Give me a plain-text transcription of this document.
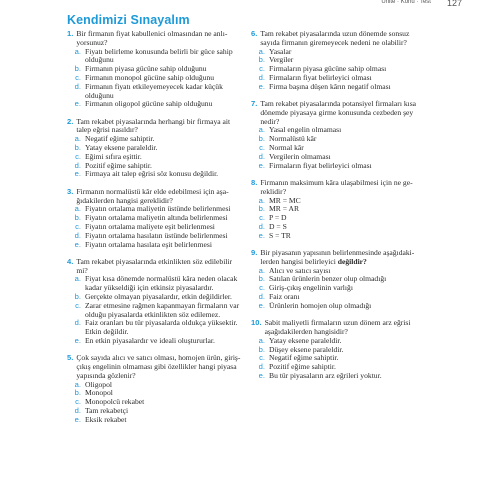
Ünite · Konu · Test 127
Kendimizi Sınayalım
1. Bir firmanın fiyat kabullenici olmasından ne anlıyorsunuz?
a. Fiyatı belirleme konusunda belirli bir güce sahip olduğunu
b. Firmanın piyasa gücüne sahip olduğunu
c. Firmanın monopol gücüne sahip olduğunu
d. Firmanın fiyatı etkileyemeyecek kadar küçük olduğunu
e. Firmanın oligopol gücüne sahip olduğunu
2. Tam rekabet piyasalarında herhangi bir firmaya ait talep eğrisi nasıldır?
a. Negatif eğime sahiptir.
b. Yatay eksene paraleldir.
c. Eğimi sıfıra eşittir.
d. Pozitif eğime sahiptir.
e. Firmaya ait talep eğrisi söz konusu değildir.
3. Firmanın normalüstü kâr elde edebilmesi için aşağıdakilerden hangisi gereklidir?
a. Fiyatın ortalama maliyetin üstünde belirlenmesi
b. Fiyatın ortalama maliyetin altında belirlenmesi
c. Fiyatın ortalama maliyete eşit belirlenmesi
d. Fiyatın ortalama hasılatın üstünde belirlenmesi
e. Fiyatın ortalama hasılata eşit belirlenmesi
4. Tam rekabet piyasalarında etkinlikten söz edilebilir mi?
a. Fiyat kısa dönemde normalüstü kâra neden olacak kadar yükseldiği için etkinsiz piyasalardır.
b. Gerçekte olmayan piyasalardır, etkin değildirler.
c. Zarar etmesine rağmen kapanmayan firmaların var olduğu piyasalarda etkinlikten söz edilemez.
d. Faiz oranları bu tür piyasalarda oldukça yüksektir. Etkin değildir.
e. En etkin piyasalardır ve ideali oluştururlar.
5. Çok sayıda alıcı ve satıcı olması, homojen ürün, giriş-çıkış engelinin olmaması gibi özellikler hangi piyasa yapısında gözlenir?
a. Oligopol
b. Monopol
c. Monopolcü rekabet
d. Tam rekabetçi
e. Eksik rekabet
6. Tam rekabet piyasalarında uzun dönemde sonsuz sayıda firmanın giremeyecek nedeni ne olabilir?
a. Yasalar
b. Vergiler
c. Firmaların piyasa gücüne sahip olması
d. Firmaların fiyat belirleyici olması
e. Firma başına düşen kârın negatif olması
7. Tam rekabet piyasalarında potansiyel firmaları kısa dönemde piyasaya girme konusunda cezbeden şey nedir?
a. Yasal engelin olmaması
b. Normalüstü kâr
c. Normal kâr
d. Vergilerin olmaması
e. Firmaların fiyat belirleyici olması
8. Firmanın maksimum kâra ulaşabilmesi için ne gereklidir?
a. MR = MC
b. MR = AR
c. P = D
d. D = S
e. S = TR
9. Bir piyasanın yapısının belirlenmesinde aşağıdakilerden hangisi belirleyici değildir?
a. Alıcı ve satıcı sayısı
b. Satılan ürünlerin benzer olup olmadığı
c. Giriş-çıkış engelinin varlığı
d. Faiz oranı
e. Ürünlerin homojen olup olmadığı
10. Sabit maliyetli firmaların uzun dönem arz eğrisi aşağıdakilerden hangisidir?
a. Yatay eksene paraleldir.
b. Düşey eksene paraleldir.
c. Negatif eğime sahiptir.
d. Pozitif eğime sahiptir.
e. Bu tür piyasaların arz eğrileri yoktur.
